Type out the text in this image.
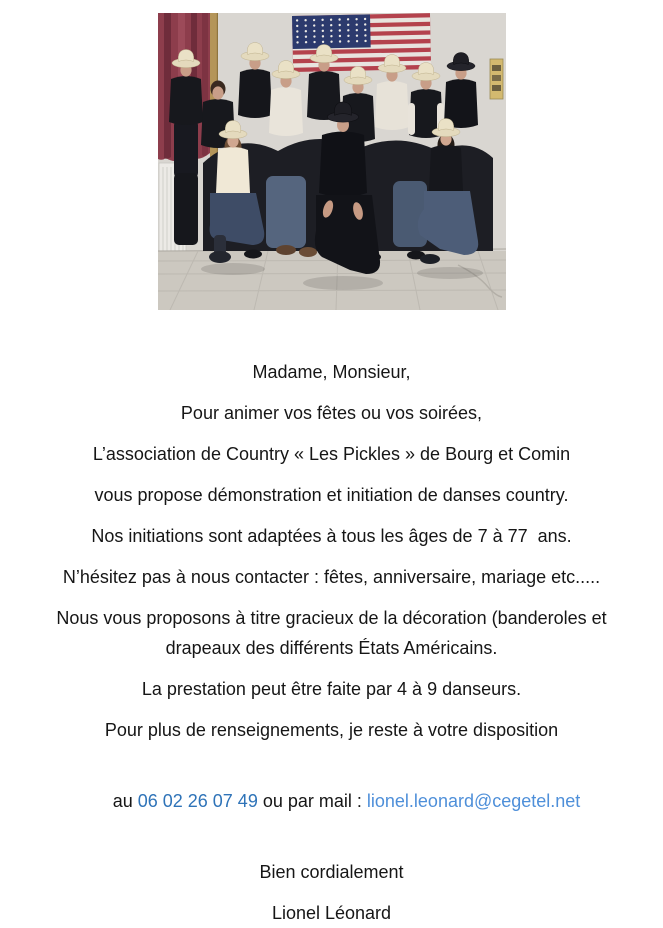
Madame, Monsieur,
Pour animer vos fêtes ou vos soirées,
L’association de Country « Les Pickles » de Bourg et Comin
vous propose démonstration et initiation de danses country.
Nos initiations sont adaptées à tous les âges de 7 à 77  ans.
N’hésitez pas à nous contacter : fêtes, anniversaire, mariage etc.....
Nous vous proposons à titre gracieux de la décoration (banderoles et
drapeaux des différents États Américains.
La prestation peut être faite par 4 à 9 danseurs.
Pour plus de renseignements, je reste à votre disposition

au 06 02 26 07 49 ou par mail : lionel.leonard@cegetel.net

Bien cordialement
Lionel Léonard
